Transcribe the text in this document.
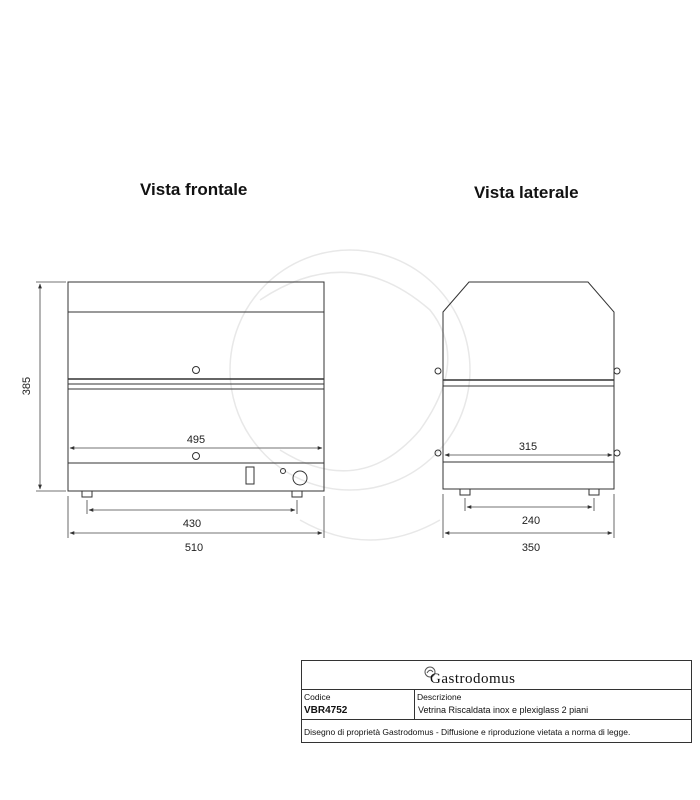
Vista frontale	Vista laterale
385
495
430
510
315
240
350
Gastrodomus
Codice
VBR4752
Descrizione
Vetrina Riscaldata inox e plexiglass 2 piani
Disegno di proprietà Gastrodomus - Diffusione e riproduzione vietata a norma di legge.
